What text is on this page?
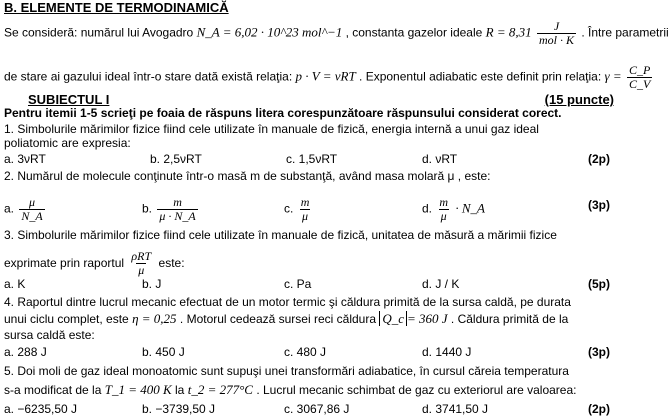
B. ELEMENTE DE TERMODINAMICĂ
Se consideră: numărul lui Avogadro N_A = 6,02 · 10^23 mol^−1 , constanta gazelor ideale $R = 8,31 \frac{J}{\text{mol · K}}$ . Între parametrii
de stare ai gazului ideal într-o stare dată există relaţia: p · V = νRT . Exponentul adiabatic este definit prin relaţia: $\gamma = \frac{C\_P}{C\_V}$
SUBIECTUL I	(15 puncte)
Pentru itemii 1-5 scrieţi pe foaia de răspuns litera corespunzătoare răspunsului considerat corect.
1. Simbolurile mărimilor fizice fiind cele utilizate în manuale de fizică, energia internă a unui gaz ideal
poliatomic are expresia:
a. 3νRT	b. 2,5νRT	c. 1,5νRT	d. νRT	(2p)
2. Numărul de molecule conţinute într-o masă m de substanţă, având masa molară μ , este:
a. $\frac{\mu}{N\_A}$	b. $\frac{m}{\mu \cdot N\_A}$	c. $\frac{m}{\mu}$	d. $\frac{m}{\mu}$ · N_A	(3p)
3. Simbolurile mărimilor fizice fiind cele utilizate în manuale de fizică, unitatea de măsură a mărimii fizice
exprimate prin raportul $\frac{\text{ρRT}}{\mu}$ este:
a. K	b. J	c. Pa	d. J / K	(5p)
4. Raportul dintre lucrul mecanic efectuat de un motor termic şi căldura primită de la sursa caldă, pe durata
unui ciclu complet, este η = 0,25 . Motorul cedează sursei reci căldura Q_c = 360 J . Căldura primită de la
sursa caldă este:
a. 288 J	b. 450 J	c. 480 J	d. 1440 J	(3p)
5. Doi moli de gaz ideal monoatomic sunt supuşi unei transformări adiabatice, în cursul căreia temperatura
s-a modificat de la T_1 = 400 K la t_2 = 277°C . Lucrul mecanic schimbat de gaz cu exteriorul are valoarea:
a. −6235,50 J	b. −3739,50 J	c. 3067,86 J	d. 3741,50 J	(2p)
